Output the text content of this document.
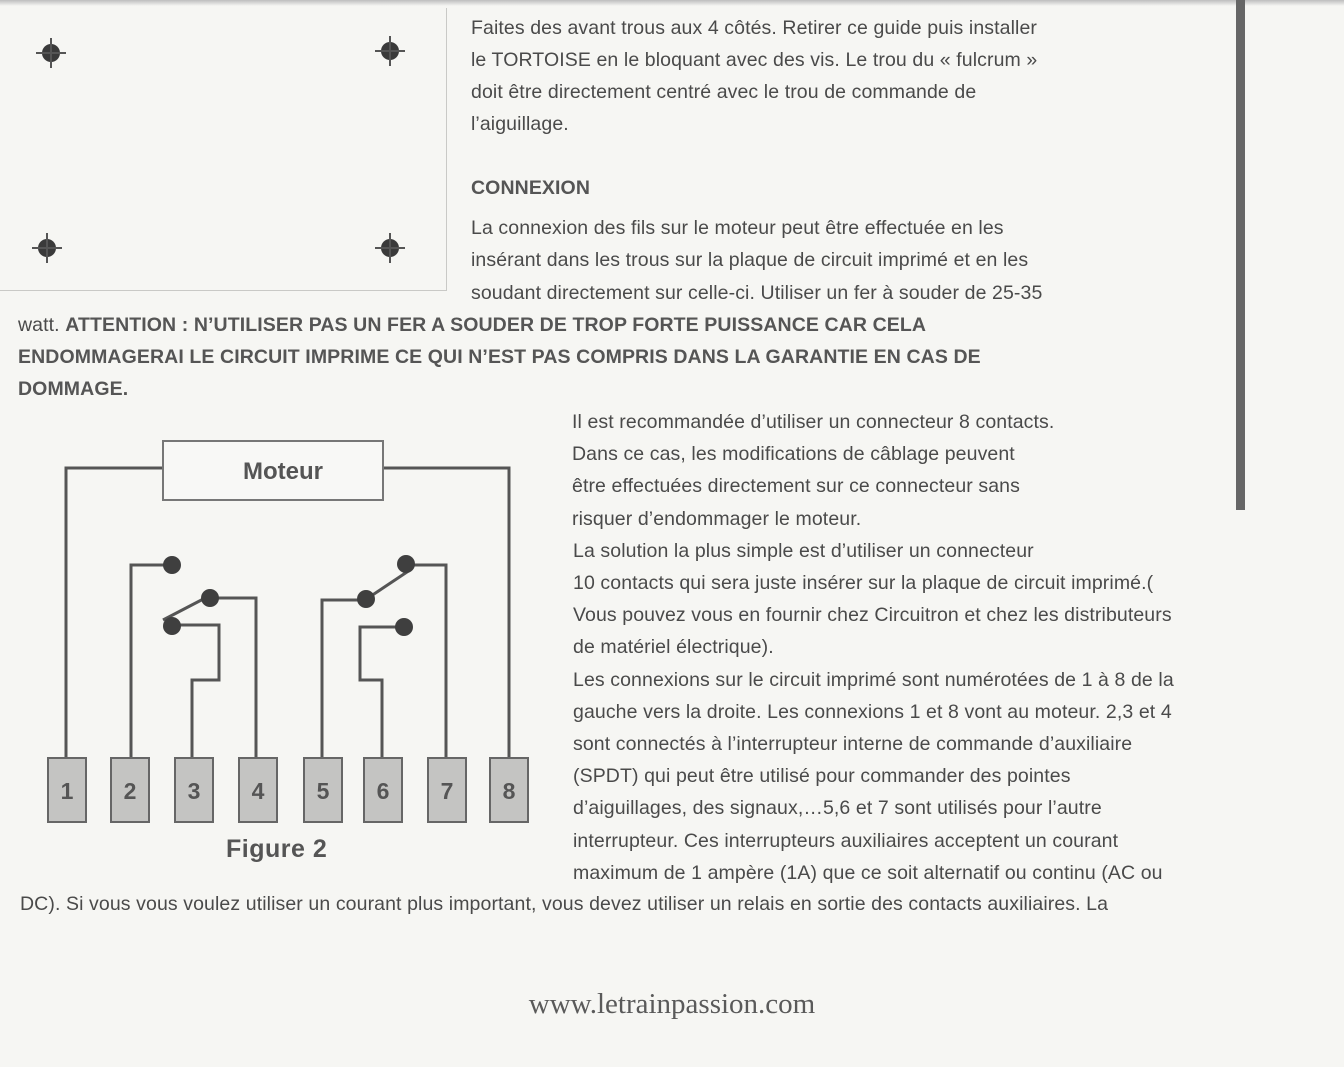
Faites des avant trous aux 4 côtés. Retirer ce guide puis installer
le TORTOISE en le bloquant avec des vis. Le trou du « fulcrum »
doit être directement centré avec le trou de commande de
l’aiguillage.
CONNEXION
La connexion des fils sur le moteur peut être effectuée en les
insérant dans les trous sur la plaque de circuit imprimé et en les
soudant directement sur celle-ci. Utiliser un fer à souder de 25-35
watt. ATTENTION : N’UTILISER PAS UN FER A SOUDER DE TROP FORTE PUISSANCE CAR CELA
ENDOMMAGERAI LE CIRCUIT IMPRIME CE QUI N’EST PAS COMPRIS DANS LA GARANTIE EN CAS DE
DOMMAGE.
Il est recommandée d’utiliser un connecteur 8 contacts.
Dans ce cas, les modifications de câblage peuvent
être effectuées directement sur ce connecteur sans
risquer d’endommager le moteur.
La solution la plus simple est d’utiliser un connecteur
10 contacts qui sera juste insérer sur la plaque de circuit imprimé.(
Vous pouvez vous en fournir chez Circuitron et chez les distributeurs
de matériel électrique).
Les connexions sur le circuit imprimé sont numérotées de 1 à 8 de la
gauche vers la droite. Les connexions 1 et 8 vont au moteur. 2,3 et 4
sont connectés à l’interrupteur interne de commande d’auxiliaire
(SPDT) qui peut être utilisé pour commander des pointes
d’aiguillages, des signaux,…5,6 et 7 sont utilisés pour l’autre
interrupteur. Ces interrupteurs auxiliaires acceptent un courant
maximum de 1 ampère (1A) que ce soit alternatif ou continu (AC ou
DC). Si vous vous voulez utiliser un courant plus important, vous devez utiliser un relais en sortie des contacts auxiliaires. La
Moteur
1 2 3 4 5 6 7 8
Figure 2
www.letrainpassion.com
